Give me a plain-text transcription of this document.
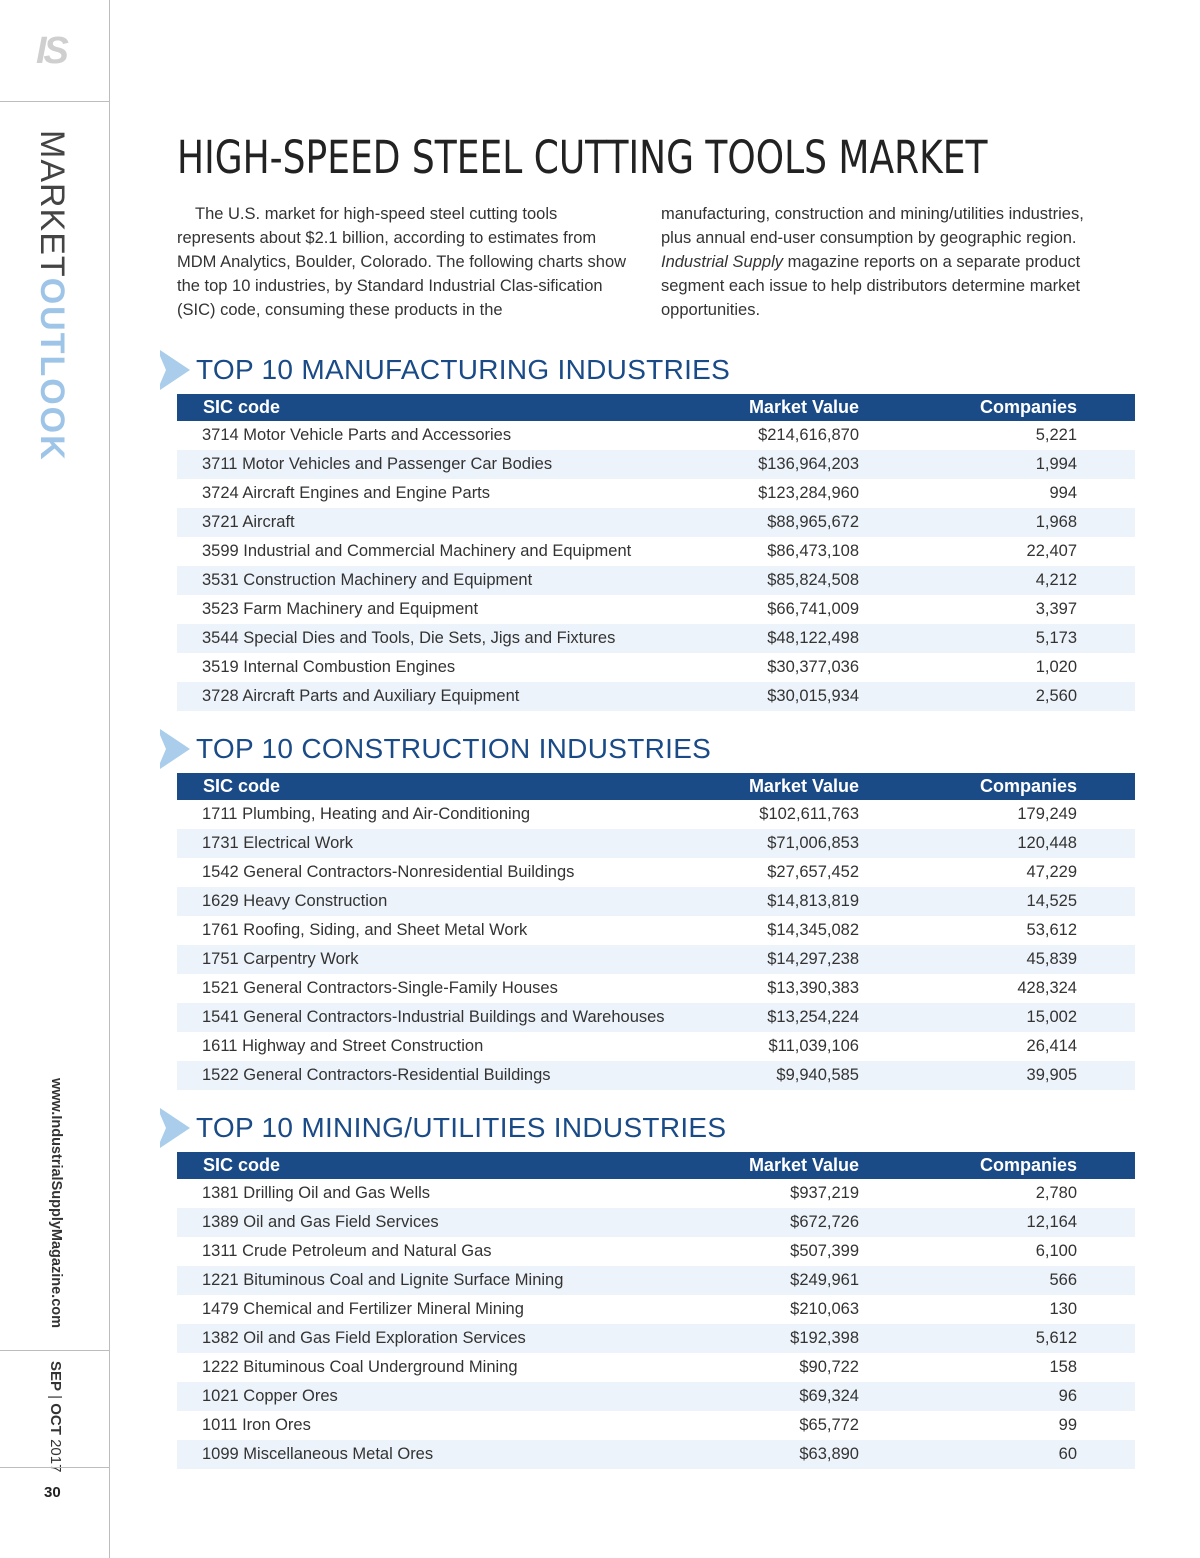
IS
MARKETOUTLOOK
www.IndustrialSupplyMagazine.com
SEP | OCT 2017
30
HIGH-SPEED STEEL CUTTING TOOLS MARKET
The U.S. market for high-speed steel cutting tools represents about $2.1 billion, according to estimates from MDM Analytics, Boulder, Colorado. The following charts show the top 10 industries, by Standard Industrial Clas-sification (SIC) code, consuming these products in the
manufacturing, construction and mining/utilities industries, plus annual end-user consumption by geographic region. Industrial Supply magazine reports on a separate product segment each issue to help distributors determine market opportunities.
TOP 10 MANUFACTURING INDUSTRIES
SIC code	Market Value		Companies	
3714 Motor Vehicle Parts and Accessories	$214,616,870		5,221	
3711 Motor Vehicles and Passenger Car Bodies	$136,964,203		1,994	
3724 Aircraft Engines and Engine Parts	$123,284,960		994	
3721 Aircraft	$88,965,672		1,968	
3599 Industrial and Commercial Machinery and Equipment	$86,473,108		22,407	
3531 Construction Machinery and Equipment	$85,824,508		4,212	
3523 Farm Machinery and Equipment	$66,741,009		3,397	
3544 Special Dies and Tools, Die Sets, Jigs and Fixtures	$48,122,498		5,173	
3519 Internal Combustion Engines	$30,377,036		1,020	
3728 Aircraft Parts and Auxiliary Equipment	$30,015,934		2,560	
TOP 10 CONSTRUCTION INDUSTRIES
SIC code	Market Value		Companies	
1711 Plumbing, Heating and Air-Conditioning	$102,611,763		179,249	
1731 Electrical Work	$71,006,853		120,448	
1542 General Contractors-Nonresidential Buildings	$27,657,452		47,229	
1629 Heavy Construction	$14,813,819		14,525	
1761 Roofing, Siding, and Sheet Metal Work	$14,345,082		53,612	
1751 Carpentry Work	$14,297,238		45,839	
1521 General Contractors-Single-Family Houses	$13,390,383		428,324	
1541 General Contractors-Industrial Buildings and Warehouses	$13,254,224		15,002	
1611 Highway and Street Construction	$11,039,106		26,414	
1522 General Contractors-Residential Buildings	$9,940,585		39,905	
TOP 10 MINING/UTILITIES INDUSTRIES
SIC code	Market Value		Companies	
1381 Drilling Oil and Gas Wells	$937,219		2,780	
1389 Oil and Gas Field Services	$672,726		12,164	
1311 Crude Petroleum and Natural Gas	$507,399		6,100	
1221 Bituminous Coal and Lignite Surface Mining	$249,961		566	
1479 Chemical and Fertilizer Mineral Mining	$210,063		130	
1382 Oil and Gas Field Exploration Services	$192,398		5,612	
1222 Bituminous Coal Underground Mining	$90,722		158	
1021 Copper Ores	$69,324		96	
1011 Iron Ores	$65,772		99	
1099 Miscellaneous Metal Ores	$63,890		60	
